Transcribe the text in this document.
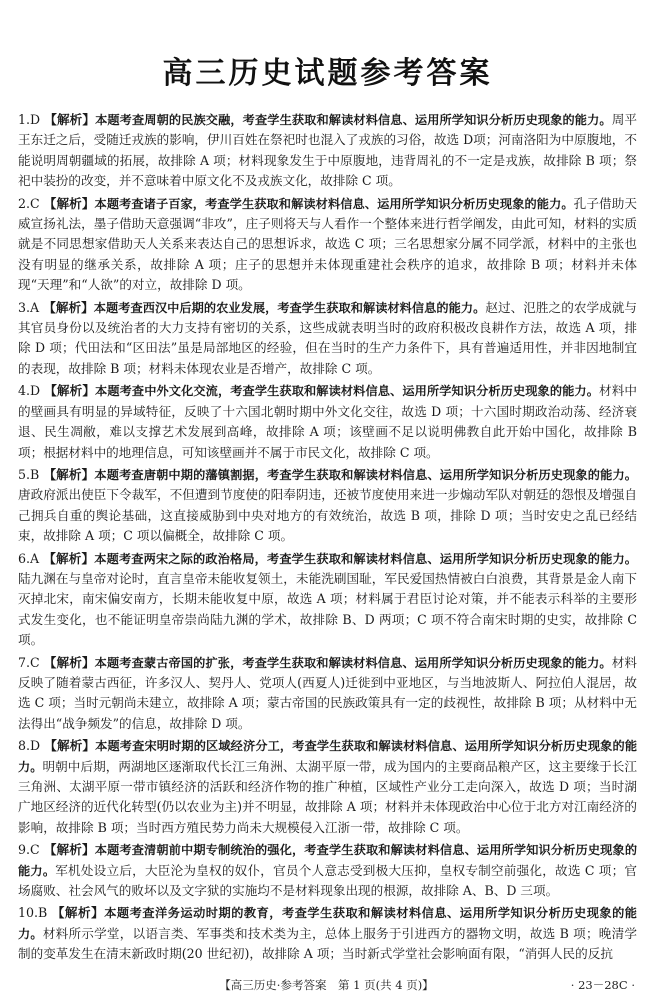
高三历史试题参考答案

1.D 【解析】本题考查周朝的民族交融，考查学生获取和解读材料信息、运用所学知识分析历史现象的能力。周平王东迁之后，受随迁戎族的影响，伊川百姓在祭祀时也混入了戎族的习俗，故选 D项；河南洛阳为中原腹地，不能说明周朝疆域的拓展，故排除 A 项；材料现象发生于中原腹地，违背周礼的不一定是戎族，故排除 B 项；祭祀中装扮的改变，并不意味着中原文化不及戎族文化，故排除 C 项。

2.C 【解析】本题考查诸子百家，考查学生获取和解读材料信息、运用所学知识分析历史现象的能力。孔子借助天威宣扬礼法，墨子借助天意强调“非攻”，庄子则将天与人看作一个整体来进行哲学阐发，由此可知，材料的实质就是不同思想家借助天人关系来表达自己的思想诉求，故选 C 项；三名思想家分属不同学派，材料中的主张也没有明显的继承关系，故排除 A 项；庄子的思想并未体现重建社会秩序的追求，故排除 B 项；材料并未体现“天理”和“人欲”的对立，故排除 D 项。

3.A 【解析】本题考查西汉中后期的农业发展，考查学生获取和解读材料信息的能力。赵过、氾胜之的农学成就与其官员身份以及统治者的大力支持有密切的关系，这些成就表明当时的政府积极改良耕作方法，故选 A 项，排除 D 项；代田法和“区田法”虽是局部地区的经验，但在当时的生产力条件下，具有普遍适用性，并非因地制宜的表现，故排除 B 项；材料未体现农业是否增产，故排除 C 项。

4.D 【解析】本题考查中外文化交流，考查学生获取和解读材料信息、运用所学知识分析历史现象的能力。材料中的壁画具有明显的异域特征，反映了十六国北朝时期中外文化交往，故选 D 项；十六国时期政治动荡、经济衰退、民生凋敝，难以支撑艺术发展到高峰，故排除 A 项；该壁画不足以说明佛教自此开始中国化，故排除 B 项；根据材料中的地理信息，可知该壁画并不属于市民文化，故排除 C 项。

5.B 【解析】本题考查唐朝中期的藩镇割据，考查学生获取和解读材料信息、运用所学知识分析历史现象的能力。唐政府派出使臣下令裁军，不但遭到节度使的阳奉阴违，还被节度使用来进一步煽动军队对朝廷的怨恨及增强自己拥兵自重的舆论基础，这直接威胁到中央对地方的有效统治，故选 B 项，排除 D 项；当时安史之乱已经结束，故排除 A 项；C 项以偏概全，故排除 C 项。

6.A 【解析】本题考查两宋之际的政治格局，考查学生获取和解读材料信息、运用所学知识分析历史现象的能力。陆九渊在与皇帝对论时，直言皇帝未能收复领土，未能洗刷国耻，军民爱国热情被白白浪费，其背景是金人南下灭掉北宋，南宋偏安南方，长期未能收复中原，故选 A 项；材料属于君臣讨论对策，并不能表示科举的主要形式发生变化，也不能证明皇帝崇尚陆九渊的学术，故排除 B、D 两项；C 项不符合南宋时期的史实，故排除 C 项。

7.C 【解析】本题考查蒙古帝国的扩张，考查学生获取和解读材料信息、运用所学知识分析历史现象的能力。材料反映了随着蒙古西征，许多汉人、契丹人、党项人(西夏人)迁徙到中亚地区，与当地波斯人、阿拉伯人混居，故选 C 项；当时元朝尚未建立，故排除 A 项；蒙古帝国的民族政策具有一定的歧视性，故排除 B 项；从材料中无法得出“战争频发”的信息，故排除 D 项。

8.D 【解析】本题考查宋明时期的区域经济分工，考查学生获取和解读材料信息、运用所学知识分析历史现象的能力。明朝中后期，两湖地区逐渐取代长江三角洲、太湖平原一带，成为国内的主要商品粮产区，这主要缘于长江三角洲、太湖平原一带市镇经济的活跃和经济作物的推广种植，区域性产业分工走向深入，故选 D 项；当时湖广地区经济的近代化转型(仍以农业为主)并不明显，故排除 A 项；材料并未体现政治中心位于北方对江南经济的影响，故排除 B 项；当时西方殖民势力尚未大规模侵入江浙一带，故排除 C 项。

9.C 【解析】本题考查清朝前中期专制统治的强化，考查学生获取和解读材料信息、运用所学知识分析历史现象的能力。军机处设立后，大臣沦为皇权的奴仆，官员个人意志受到极大压抑，皇权专制空前强化，故选 C 项；官场腐败、社会风气的败坏以及文字狱的实施均不是材料现象出现的根源，故排除 A、B、D 三项。

10.B 【解析】本题考查洋务运动时期的教育，考查学生获取和解读材料信息、运用所学知识分析历史现象的能力。材料所示学堂，以语言类、军事类和技术类为主，总体上服务于引进西方的器物文明，故选 B 项；晚清学制的变革发生在清末新政时期(20 世纪初)，故排除 A 项；当时新式学堂社会影响面有限，“消弭人民的反抗

【高三历史·参考答案　第 1 页(共 4 页)】	· 23－28C ·
